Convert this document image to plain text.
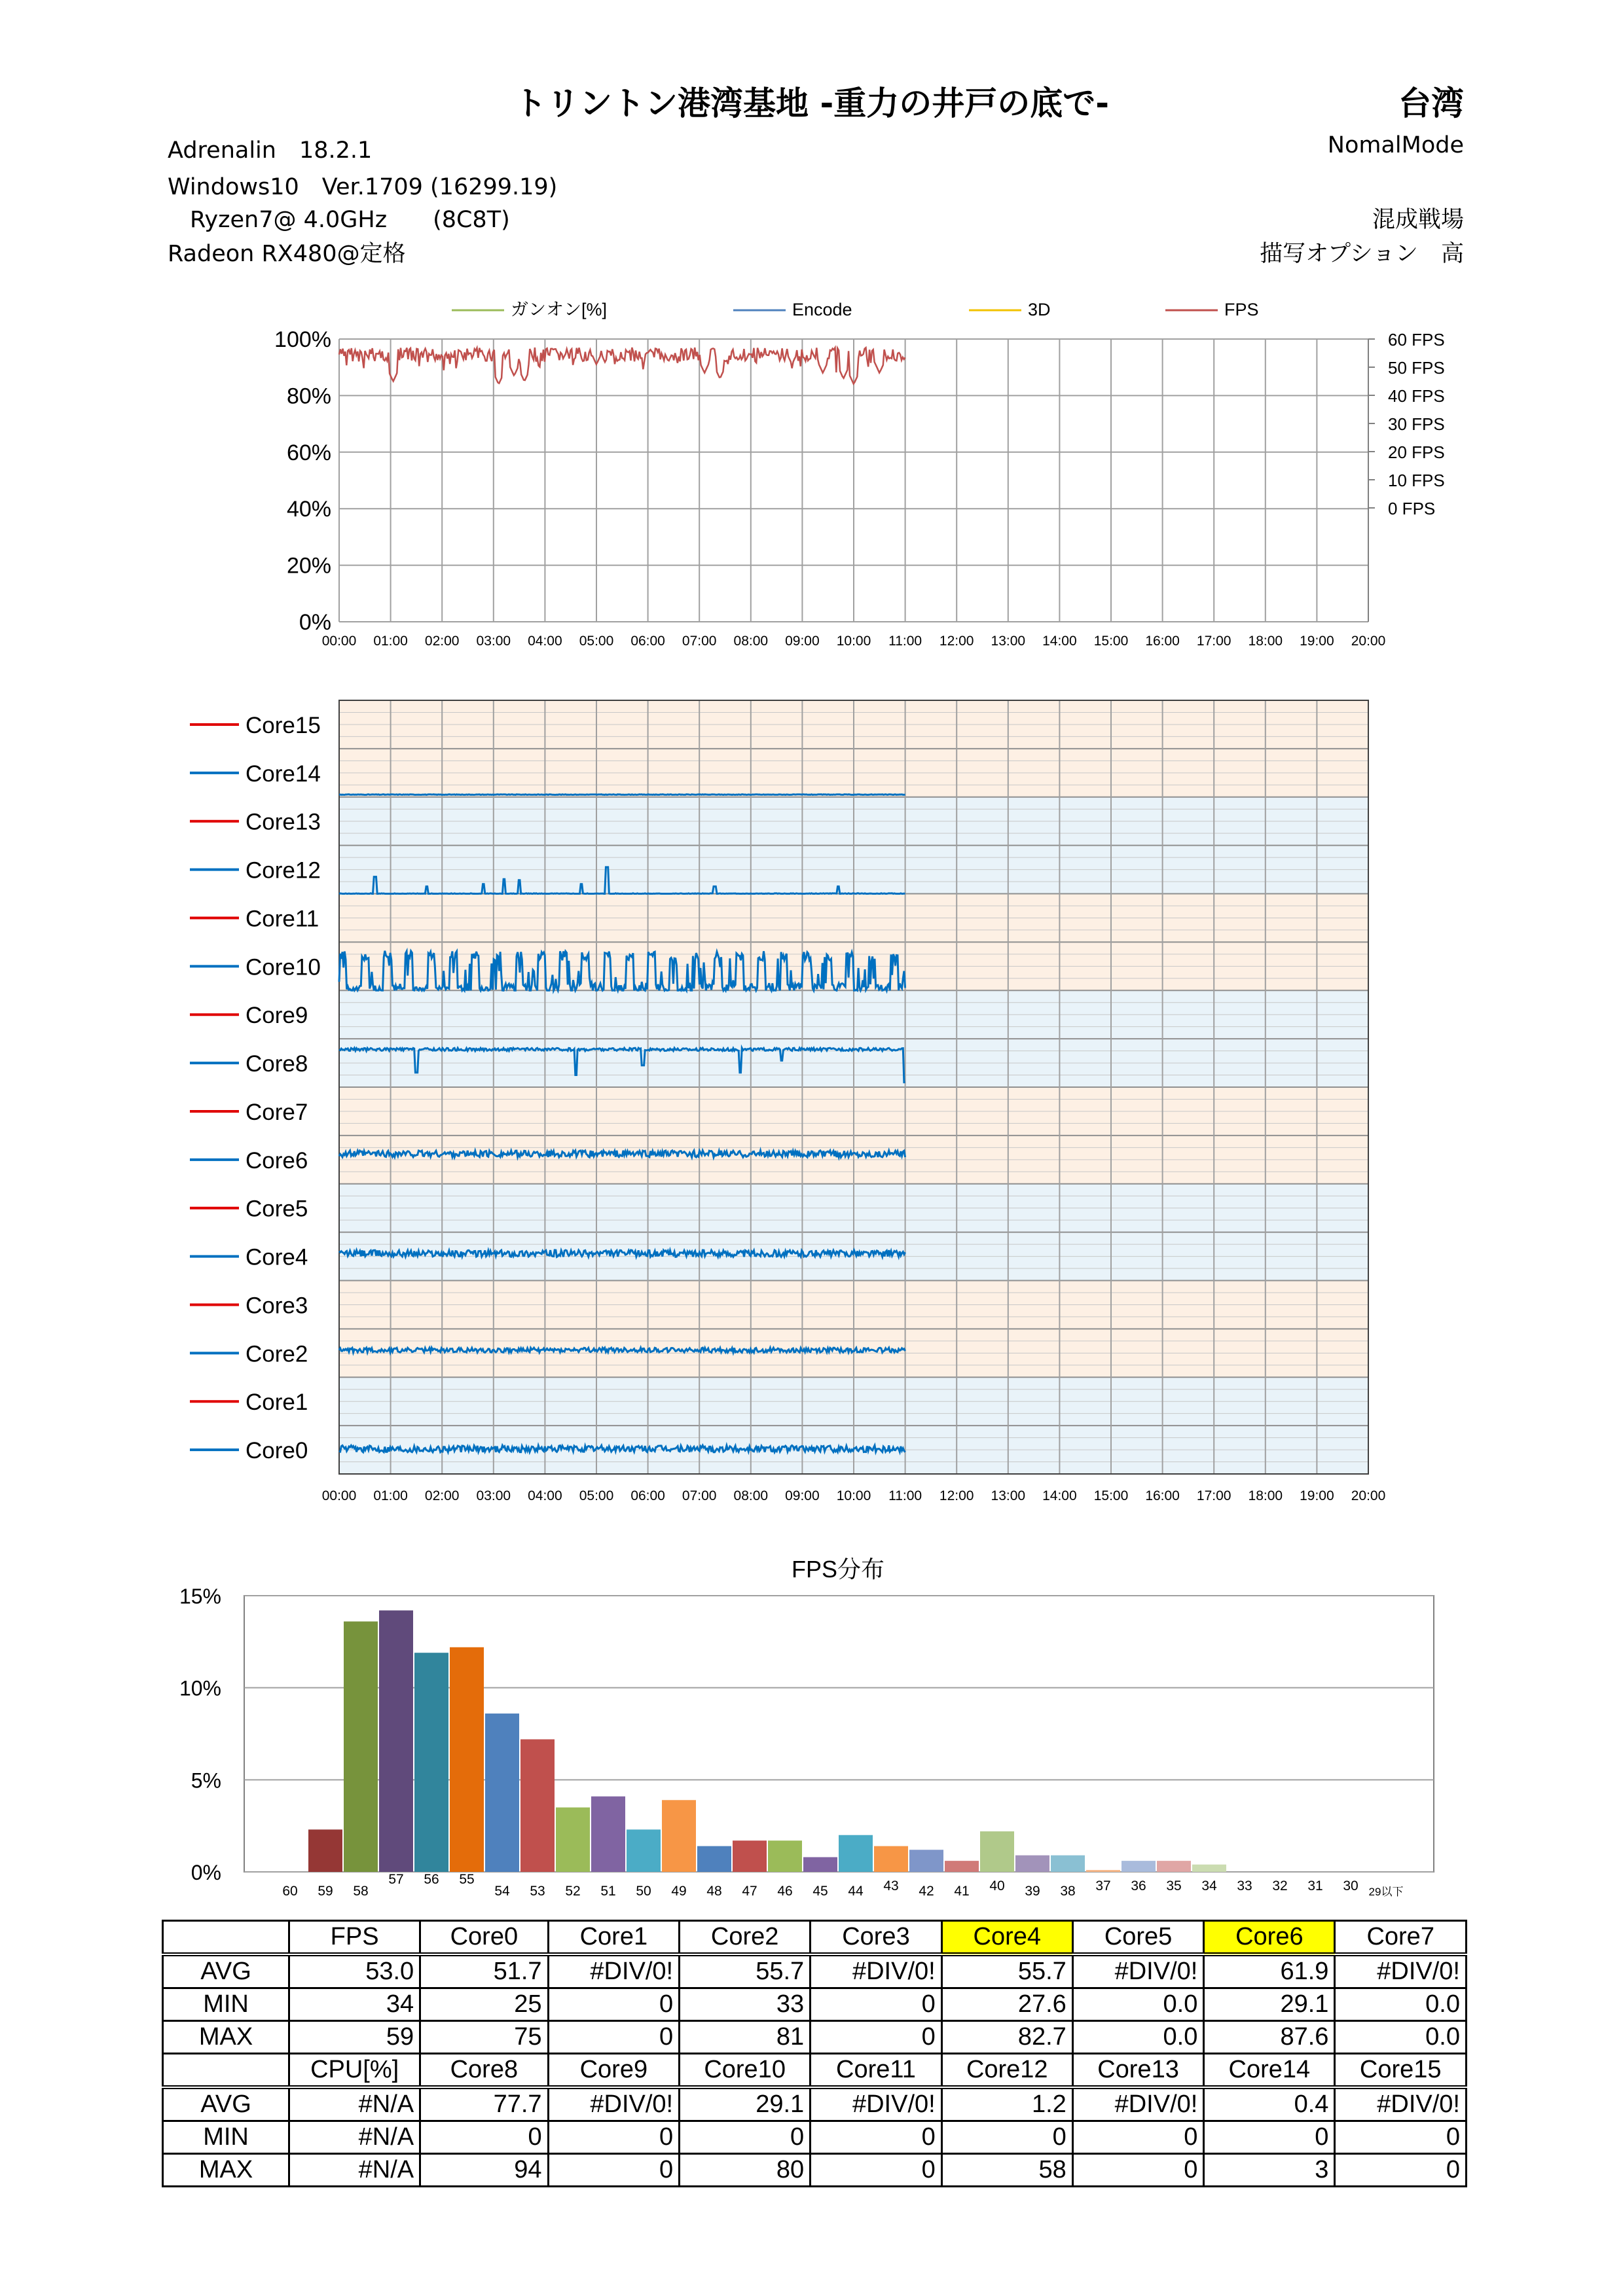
トリントン港湾基地 -重力の井戸の底で-	台湾
Adrenalin　18.2.1
Windows10　Ver.1709 (16299.19)
Ryzen7@ 4.0GHz　　(8C8T)
Radeon RX480@定格
NomalMode
混成戦場
描写オプション　高
100%
80%
60%
40%
20%
0%
60 FPS
50 FPS
40 FPS
30 FPS
20 FPS
10 FPS
0 FPS
00:00 01:00 02:00 03:00 04:00 05:00 06:00 07:00 08:00 09:00 10:00 11:00 12:00 13:00 14:00 15:00 16:00 17:00 18:00 19:00 20:00
ガンオン[%]	Encode	3D	FPS
Core15
Core14
Core13
Core12
Core11
Core10
Core9
Core8
Core7
Core6
Core5
Core4
Core3
Core2
Core1
Core0
00:00 01:00 02:00 03:00 04:00 05:00 06:00 07:00 08:00 09:00 10:00 11:00 12:00 13:00 14:00 15:00 16:00 17:00 18:00 19:00 20:00
FPS分布
15%
10%
5%
0%
60 59 58
57 56 55
54 53 52 51 50 49 48 47 46 45 44 43 42 41 40 39 38 37 36 35 34 33 32 31 30 29以下
	FPS	Core0	Core1	Core2	Core3	Core4	Core5	Core6	Core7
AVG	53.0	51.7	#DIV/0!	55.7	#DIV/0!	55.7	#DIV/0!	61.9	#DIV/0!
MIN	34	25	0	33	0	27.6	0.0	29.1	0.0
MAX	59	75	0	81	0	82.7	0.0	87.6	0.0
	CPU[%]	Core8	Core9	Core10	Core11	Core12	Core13	Core14	Core15
AVG	#N/A	77.7	#DIV/0!	29.1	#DIV/0!	1.2	#DIV/0!	0.4	#DIV/0!
MIN	#N/A	0	0	0	0	0	0	0	0
MAX	#N/A	94	0	80	0	58	0	3	0
